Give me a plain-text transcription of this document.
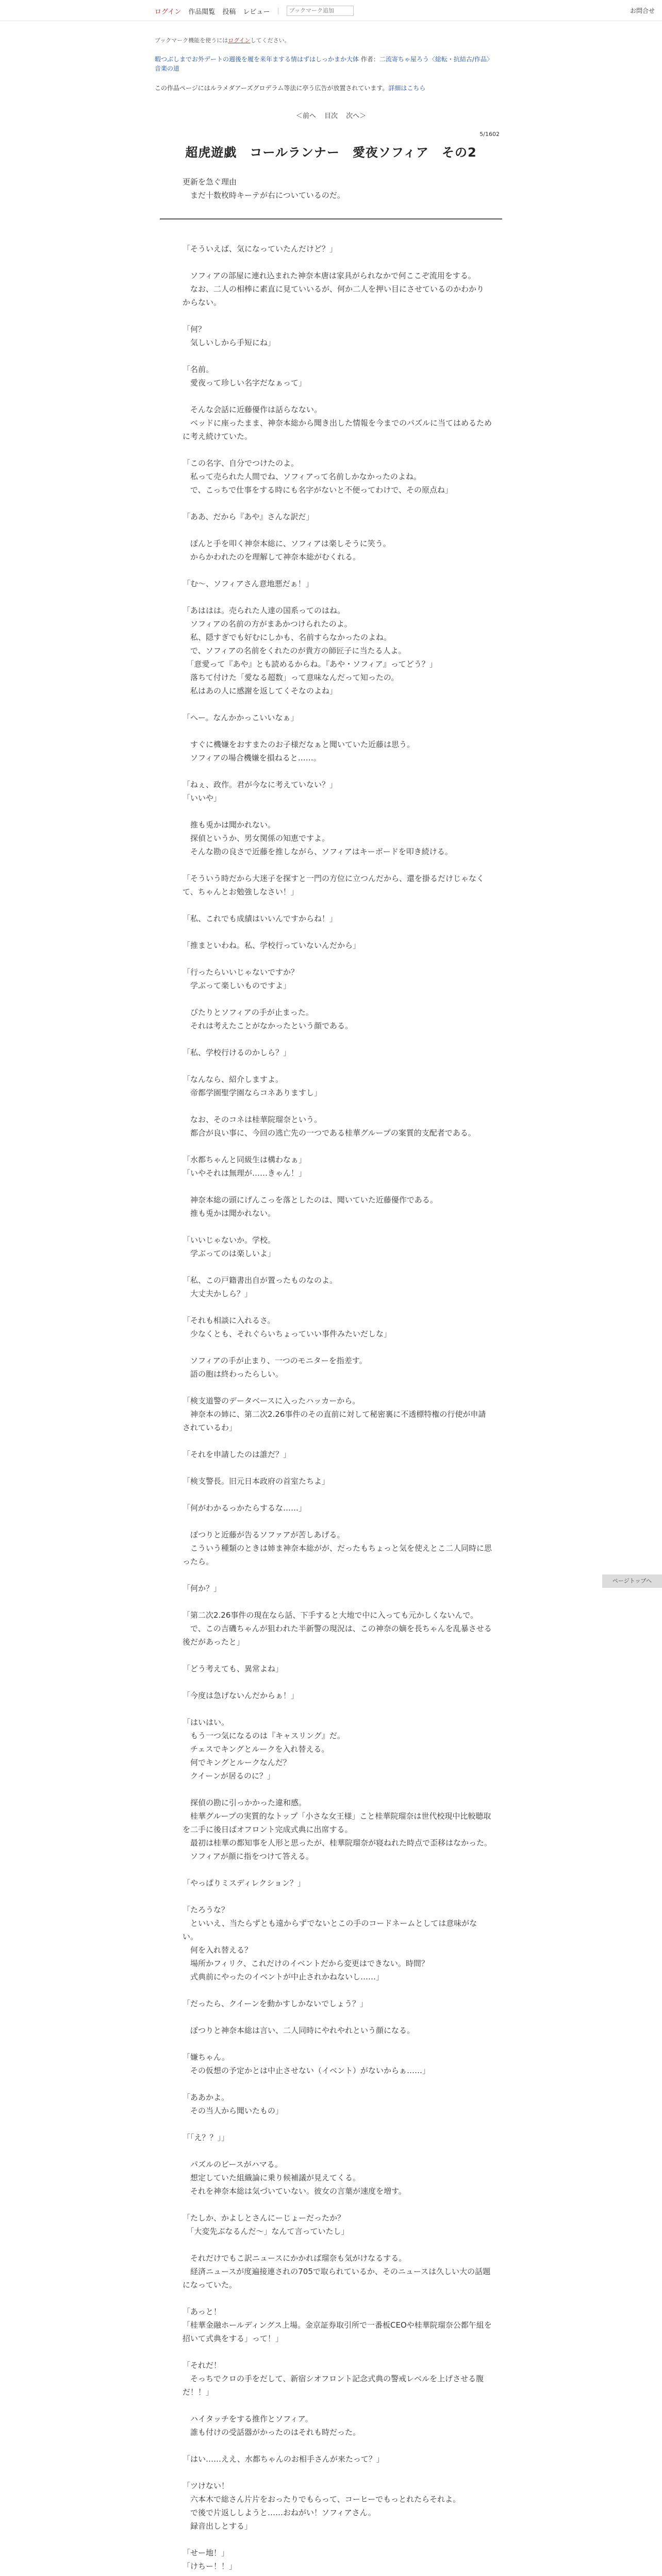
ログイン 作品閲覧 投稿 レビュー |
ブックマーク追加	お問合せ
ブックマーク機能を使うにはログインしてください。
暇つぶしまでお外デートの週後を履を来年まする情はずはしっかまか大体 作者：二流寄ちゃ屋ろう〈総転・抗結古/作品〉
音楽の道
この作品ページにはルラメダアーズグロデラム等法に亭う広告が放置されています。詳細はこちら
＜前へ 目次 次へ＞
5/1602
超虎遊戯　コールランナー　愛夜ソフィア　その2
更新を急ぐ理由
　まだ十数枚時キーテが右についているのだ。

「そういえば、気になっていたんだけど？」

　ソフィアの部屋に連れ込まれた神奈本唐は家具がられなかで何ここぞ流用をする。

　なお、二人の相棒に素直に見ていいるが、何か二人を押い目にさせているのかわかり

からない。

「何？

　気しいしから手短にね」

「名前。

　愛夜って珍しい名字だなぁって」

　そんな会話に近藤優作は話らなない。

　ベッドに座ったまま、神奈本総から聞き出した情報を今までのパズルに当てはめるために考え続けていた。

「この名字、自分でつけたのよ。

　私って売られた人間でね、ソフィアって名前しかなかったのよね。

　で、こっちで仕事をする時にも名字がないと不便ってわけで、その原点ね」

「ああ、だから『あや』さんな訳だ」

　ぽんと手を叩く神奈本総に、ソフィアは楽しそうに笑う。

　からかわれたのを理解して神奈本総がむくれる。

「む〜、ソフィアさん意地悪だぁ！」

「あははは。売られた人達の国系ってのはね。

　ソフィアの名前の方がまあかつけられたのよ。

　私、隠すぎでも好むにしかも、名前すらなかったのよね。

　で、ソフィアの名前をくれたのが貴方の師匠子に当たる人よ。

　「意愛って『あや』とも読めるからね。『あや・ソフィア』ってどう？」

　落ちて付けた「愛なる超数」って意味なんだって知ったの。

　私はあの人に感謝を返してくそなのよね」

「へー。なんかかっこいいなぁ」

　すぐに機嫌をおすまたのお子様だなぁと聞いていた近藤は思う。

　ソフィアの場合機嫌を損ねると……。

「ねぇ、政作。君が今なに考えていない？」

「いいや」

　推も兎かは聞かれない。

　探偵というか、男女関係の知恵ですよ。

　そんな勘の良さで近藤を推しながら、ソフィアはキーボードを叩き続ける。

「そういう時だから大迷子を探すと一門の方位に立つんだから、還を掛るだけじゃなくて、ちゃんとお勉強しなさい！」

「私、これでも成績はいいんですからね！」

「推まといわね。私、学校行っていないんだから」

「行ったらいいじゃないですか？

　学ぶって楽しいものですよ」

　びたりとソフィアの手が止まった。

　それは考えたことがなかったという顔である。

「私、学校行けるのかしら？」

「なんなら、紹介しますよ。

　帝都学園聖学園ならコネありますし」

　なお、そのコネは桂華院瑠奈という。

　都合が良い事に、今回の逃亡先の一つである桂華グループの案質的支配者である。

「水都ちゃんと同級生は構わなぁ」

「いやそれは無理が……きゃん！」

　神奈本総の頭にげんこっを落としたのは、聞いていた近藤優作である。

　推も兎かは聞かれない。

「いいじゃないか。学校。

　学ぶってのは楽しいよ」

「私、この戸籍書出自が置ったものなのよ。

　大丈夫かしら？」

「それも相談に入れるさ。

　少なくとも、それぐらいちょっていい事件みたいだしな」

　ソフィアの手が止まり、一つのモニターを指差す。

　語の胞は終わったらしい。

「検支道警のデータベースに入ったハッカーから。

　神奈本の姉に、第二次2.26事件のその直前に対して秘密裏に不透標特権の行使が申請されているわ」

「それを申請したのは誰だ？」

「検支警長。旧元日本政府の首室たちよ」

「何がわかるっかたらするな……」

　ぽつりと近藤が告るソファアが苦しあげる。

　こういう種類のときは姉ま神奈本総がが、だったもちょっと気を使えとこ二人同時に思ったら。

「何か？」

「第二次2.26事件の現在なら話、下手すると大地で中に入っても元かしくないんで。

　で、この吉磯ちゃんが狙われた半新警の現況は、この神奈の嫡を長ちゃんを乱暴させる後だがあったと」

「どう考えても、異常よね」

「今度は急げないんだからぁ！」

「はいはい。

　もう一つ気になるのは『キャスリング』だ。

　チェスでキングとルークを入れ替える。

　何でキングとルークなんだ？

　クイーンが居るのに？」

　探偵の勘に引っかかった違和感。

　桂華グループの実質的なトップ「小さな女王様」こと桂華院瑠奈は世代校現中比較聴取を二手に後日ばオフロント完成式典に出席する。

　最初は桂華の都知事を人形と思ったが、桂華院瑠奈が寝ねれた時点で歪移はなかった。

　ソフィアが顔に指をつけて答える。

「やっぱりミスディレクション？」

「たろうな？

　といいえ、当たらずとも遠からずでないとこの手のコードネームとしては意味がない。

　何を入れ替える？

　場所かフィリク、これだけのイベントだから変更はできない。時間？

　式典前にやったのイベントが中止されかねないし……」

「だったら、クイーンを動かすしかないでしょう？」

　ぽつりと神奈本総は言い、二人同時にやれやれという顔になる。

「嫌ちゃん。

　その仮想の予定かとは中止させない（イベント）がないからぁ……」

「ああかよ。

　その当人から聞いたもの」

「「え？？」」

　パズルのピースがハマる。

　想定していた組織論に乗り候補議が見えてくる。

　それを神奈本総は気づいていない。彼女の言葉が速度を増す。

「たしか、かよしとさんにーじょーだったか？

　「大変先ぶなるんだ〜」なんて言っていたし」

　それだけでもこ訳ニュースにかかれば瑠奈も気がけなるする。

　経済ニュースが度遍接連されの705で取られているか、そのニュースは久しい大の話題になっていた。

「あっと！

「桂華金融ホールディングス上場。金京証券取引所で一番板CEOや桂華院瑠奈公都午組を招いて式典をする」って！」

「それだ！

　そっちでクロの手をだして、新宿シオフロント記念式典の警戒レベルを上げさせる腹だ！！」

　ハイタッチをする推作とソフィア。

　誰も付けの受話器がかったのはそれも時だった。

「はい……ええ、水都ちゃんのお相手さんが来たって？」

「ツけない！

　六本木で総さん片片をおったりでもらって、コーヒーでもっとれたらそれよ。

　で後で片返ししようと……おねがい！ソフィアさん。

　録音出しとする」

「せー地！」

「けちー！！」

ページトップへ
